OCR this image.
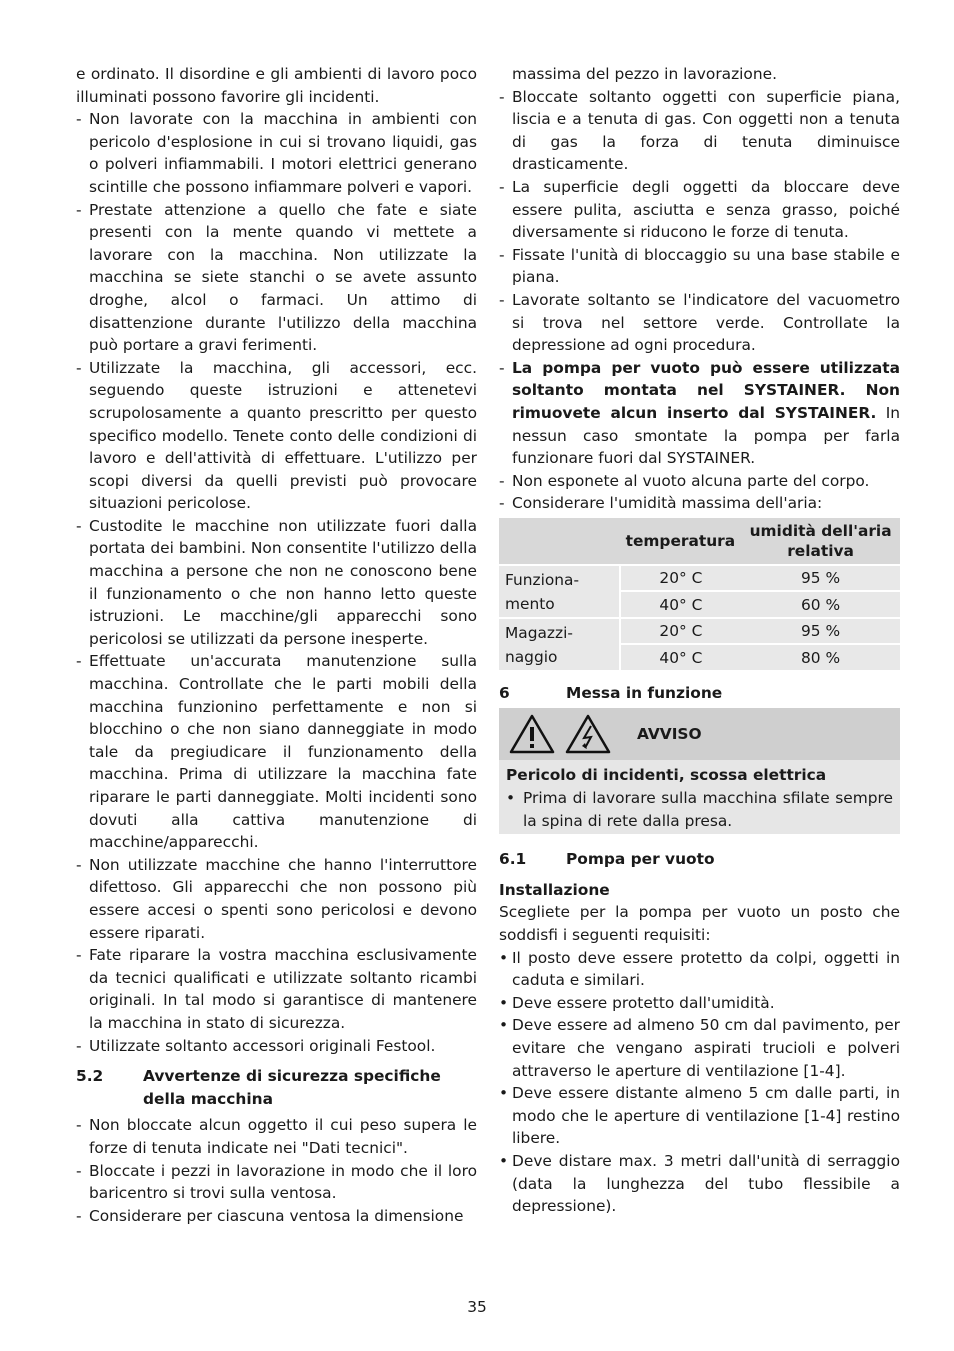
e ordinato. Il disordine e gli ambienti di lavoro poco illuminati possono favorire gli incidenti.

- Non lavorate con la macchina in ambienti con pericolo d'esplosione in cui si trovano liquidi, gas o polveri infiammabili. I motori elettrici generano scintille che possono infiammare polveri e vapori.

- Prestate attenzione a quello che fate e siate presenti con la mente quando vi mettete a lavorare con la macchina. Non utilizzate la macchina se siete stanchi o se avete assunto droghe, alcol o farmaci. Un attimo di disattenzione durante l'utilizzo della macchina può portare a gravi ferimenti.

- Utilizzate la macchina, gli accessori, ecc. seguendo queste istruzioni e attenetevi scrupolosamente a quanto prescritto per questo specifico modello. Tenete conto delle condizioni di lavoro e dell'attività di effettuare. L'utilizzo per scopi diversi da quelli previsti può provocare situazioni pericolose.

- Custodite le macchine non utilizzate fuori dalla portata dei bambini. Non consentite l'utilizzo della macchina a persone che non ne conoscono bene il funzionamento o che non hanno letto queste istruzioni. Le macchine/gli apparecchi sono pericolosi se utilizzati da persone inesperte.

- Effettuate un'accurata manutenzione sulla macchina. Controllate che le parti mobili della macchina funzionino perfettamente e non si blocchino o che non siano danneggiate in modo tale da pregiudicare il funzionamento della macchina. Prima di utilizzare la macchina fate riparare le parti danneggiate. Molti incidenti sono dovuti alla cattiva manutenzione di macchine/apparecchi.

- Non utilizzate macchine che hanno l'interruttore difettoso. Gli apparecchi che non possono più essere accesi o spenti sono pericolosi e devono essere riparati.

- Fate riparare la vostra macchina esclusivamente da tecnici qualificati e utilizzate soltanto ricambi originali. In tal modo si garantisce di mantenere la macchina in stato di sicurezza.

- Utilizzate soltanto accessori originali Festool.

5.2	Avvertenze di sicurezza specifiche della macchina

- Non bloccate alcun oggetto il cui peso supera le forze di tenuta indicate nei "Dati tecnici".

- Bloccate i pezzi in lavorazione in modo che il loro baricentro si trovi sulla ventosa.

- Considerare per ciascuna ventosa la dimensione

massima del pezzo in lavorazione.

- Bloccate soltanto oggetti con superficie piana, liscia e a tenuta di gas. Con oggetti non a tenuta di gas la forza di tenuta diminuisce drasticamente.

- La superficie degli oggetti da bloccare deve essere pulita, asciutta e senza grasso, poiché diversamente si riducono le forze di tenuta.

- Fissate l'unità di bloccaggio su una base stabile e piana.

- Lavorate soltanto se l'indicatore del vacuometro si trova nel settore verde. Controllate la depressione ad ogni procedura.

- La pompa per vuoto può essere utilizzata soltanto montata nel SYSTAINER. Non rimuovete alcun inserto dal SYSTAINER. In nessun caso smontate la pompa per farla funzionare fuori dal SYSTAINER.

- Non esponete al vuoto alcuna parte del corpo.

- Considerare l'umidità massima dell'aria:

	temperatura	umidità dell'aria relativa
Funziona-mento	20° C	95 %
	40° C	60 %
Magazzi-naggio	20° C	95 %
	40° C	80 %
6	Messa in funzione
AVVISO

Pericolo di incidenti, scossa elettrica

• Prima di lavorare sulla macchina sfilate sempre la spina di rete dalla presa.

6.1	Pompa per vuoto

Installazione

Scegliete per la pompa per vuoto un posto che soddisfi i seguenti requisiti:

• Il posto deve essere protetto da colpi, oggetti in caduta e similari.

• Deve essere protetto dall'umidità.

• Deve essere ad almeno 50 cm dal pavimento, per evitare che vengano aspirati trucioli e polveri attraverso le aperture di ventilazione [1-4].

• Deve essere distante almeno 5 cm dalle parti, in modo che le aperture di ventilazione [1-4] restino libere.

• Deve distare max. 3 metri dall'unità di serraggio (data la lunghezza del tubo flessibile a depressione).

35
